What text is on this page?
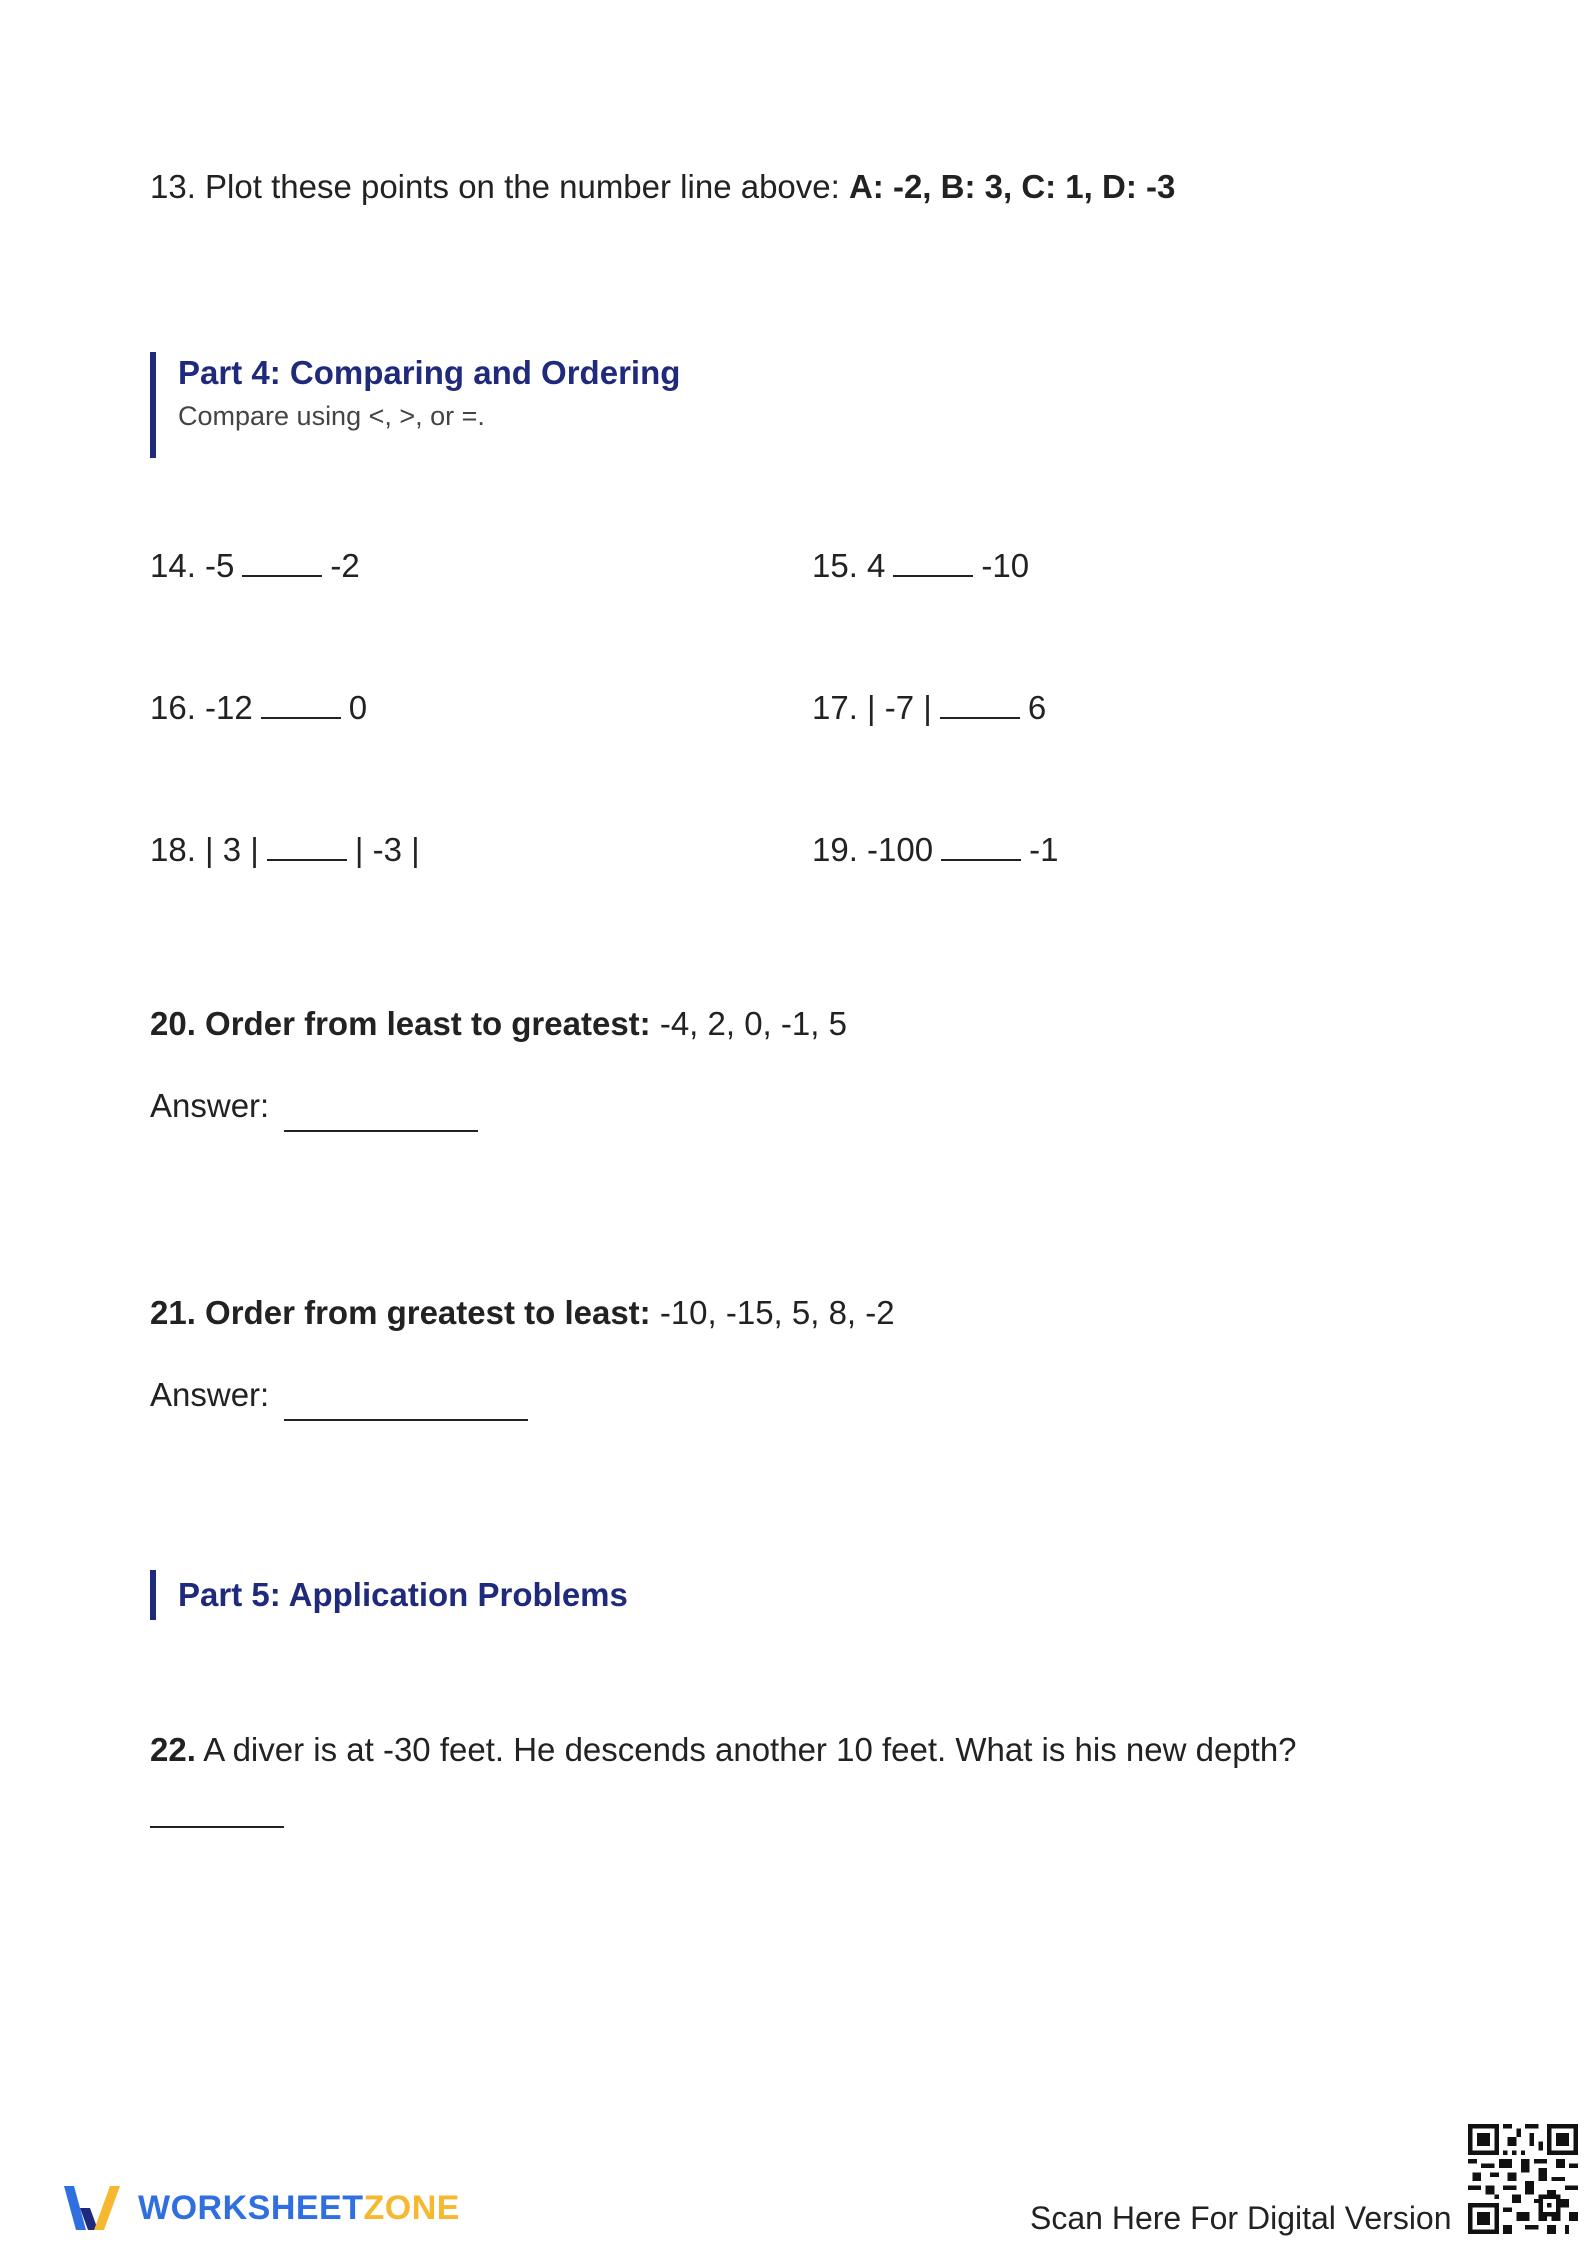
13. Plot these points on the number line above: A: -2, B: 3, C: 1, D: -3
Part 4: Comparing and Ordering
Compare using <, >, or =.
14. -5	-2	15. 4	-10
16. -12	0	17. | -7 |	6
18. | 3 |	| -3 |	19. -100	-1
20. Order from least to greatest: -4, 2, 0, -1, 5
Answer:
21. Order from greatest to least: -10, -15, 5, 8, -2
Answer:
Part 5: Application Problems
22. A diver is at -30 feet. He descends another 10 feet. What is his new depth?
WORKSHEETZONE	Scan Here For Digital Version
